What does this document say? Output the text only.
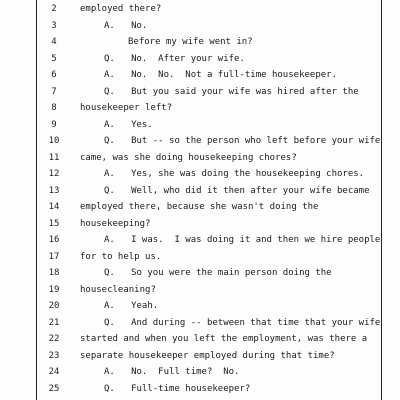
2	employed there?
3	A.   No.
4	Before my wife went in?
5	Q.   No.  After your wife.
6	A.   No.  No.  Not a full-time housekeeper.
7	Q.   But you said your wife was hired after the
8	housekeeper left?
9	A.   Yes.
10	Q.   But -- so the person who left before your wife
11	came, was she doing housekeeping chores?
12	A.   Yes, she was doing the housekeeping chores.
13	Q.   Well, who did it then after your wife became
14	employed there, because she wasn't doing the
15	housekeeping?
16	A.   I was.  I was doing it and then we hire people
17	for to help us.
18	Q.   So you were the main person doing the
19	housecleaning?
20	A.   Yeah.
21	Q.   And during -- between that time that your wife
22	started and when you left the employment, was there a
23	separate housekeeper employed during that time?
24	A.   No.  Full time?  No.
25	Q.   Full-time housekeeper?
